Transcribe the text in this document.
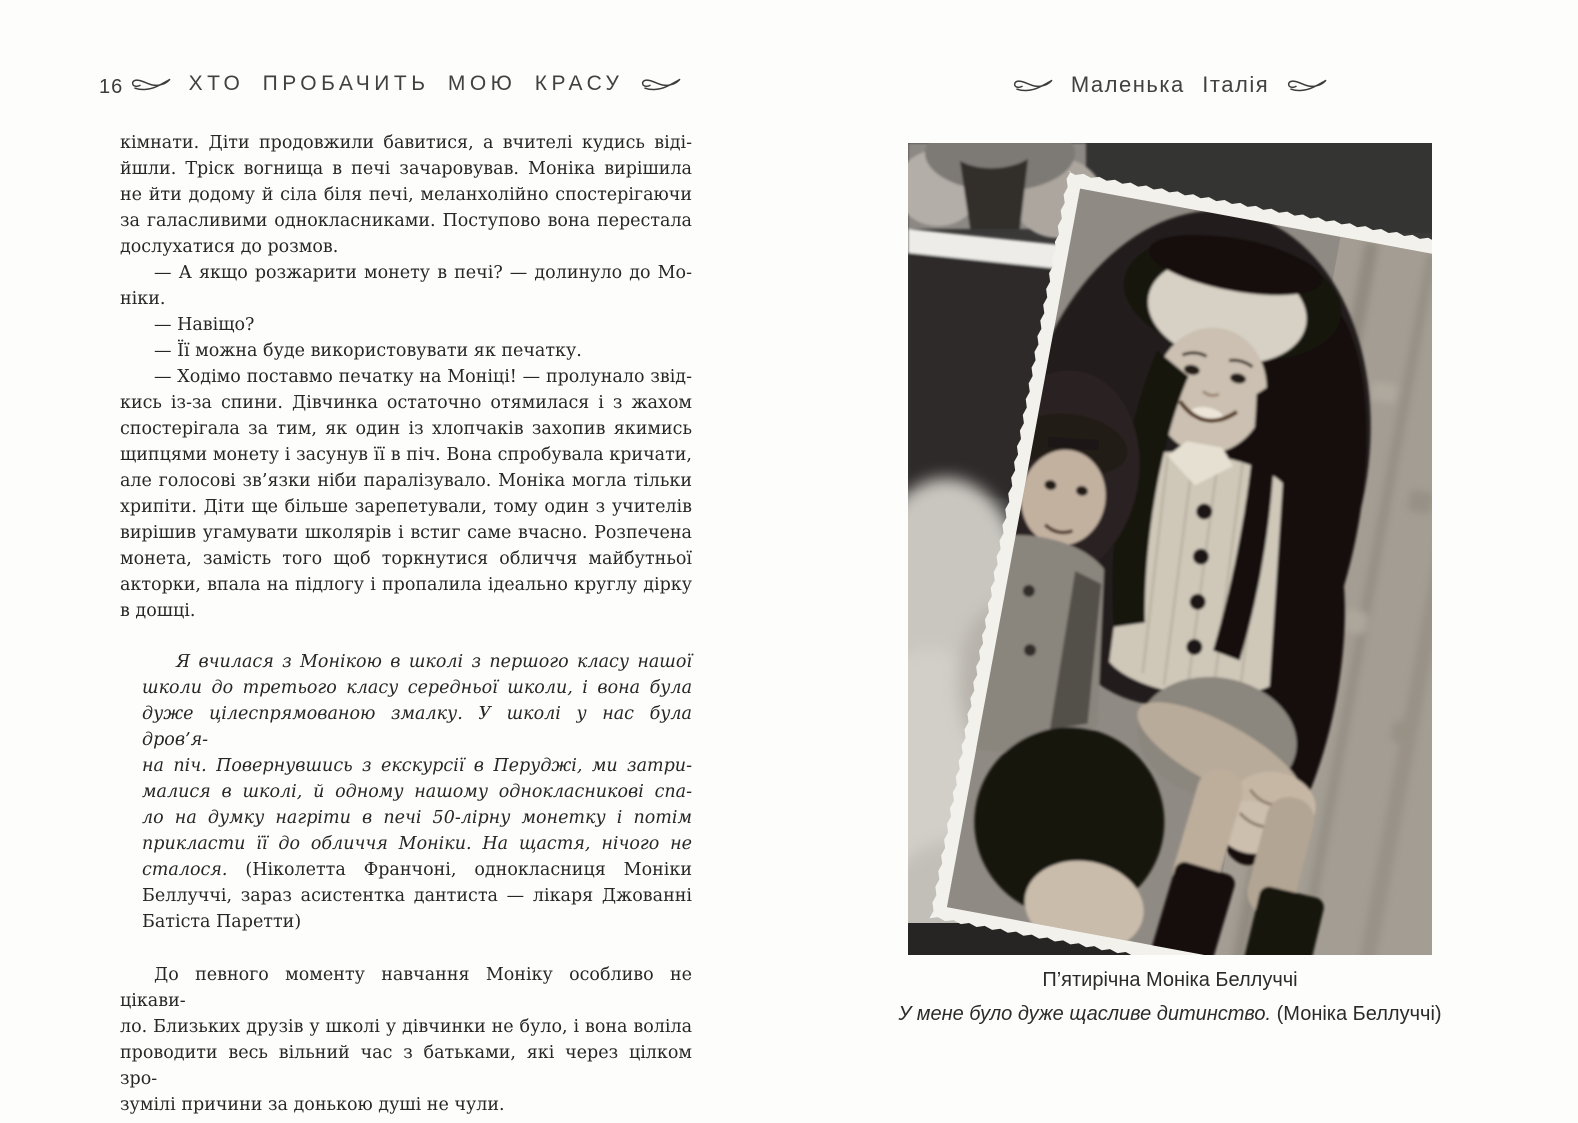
16	ХТО ПРОБАЧИТЬ МОЮ КРАСУ	Маленька Італія
кімнати. Діти продовжили бавитися, а вчителі кудись віді-
йшли. Тріск вогнища в печі зачаровував. Моніка вирішила
не йти додому й сіла біля печі, меланхолійно спостерігаючи
за галасливими однокласниками. Поступово вона перестала
дослухатися до розмов.
— А якщо розжарити монету в печі? — долинуло до Мо-
ніки.
— Навіщо?
— Її можна буде використовувати як печатку.
— Ходімо поставмо печатку на Моніці! — пролунало звід-
кись із-за спини. Дівчинка остаточно отямилася і з жахом
спостерігала за тим, як один із хлопчаків захопив якимись
щипцями монету і засунув її в піч. Вона спробувала кричати,
але голосові зв’язки ніби паралізувало. Моніка могла тільки
хрипіти. Діти ще більше зарепетували, тому один з учителів
вирішив угамувати школярів і встиг саме вчасно. Розпечена
монета, замість того щоб торкнутися обличчя майбутньої
акторки, впала на підлогу і пропалила ідеально круглу дірку
в дошці.
Я вчилася з Монікою в школі з першого класу нашої
школи до третього класу середньої школи, і вона була
дуже цілеспрямованою змалку. У школі у нас була дров’я-
на піч. Повернувшись з екскурсії в Перуджі, ми затри-
малися в школі, й одному нашому однокласникові спа-
ло на думку нагріти в печі 50-лірну монетку і потім
прикласти її до обличчя Моніки. На щастя, нічого не
сталося. (Ніколетта Франчоні, однокласниця Моніки
Беллуччі, зараз асистентка дантиста — лікаря Джованні
Батіста Паретти)
До певного моменту навчання Моніку особливо не цікави-
ло. Близьких друзів у школі у дівчинки не було, і вона воліла
проводити весь вільний час з батьками, які через цілком зро-
зумілі причини за донькою душі не чули.
П’ятирічна Моніка Беллуччі
У мене було дуже щасливе дитинство. (Моніка Беллуччі)
